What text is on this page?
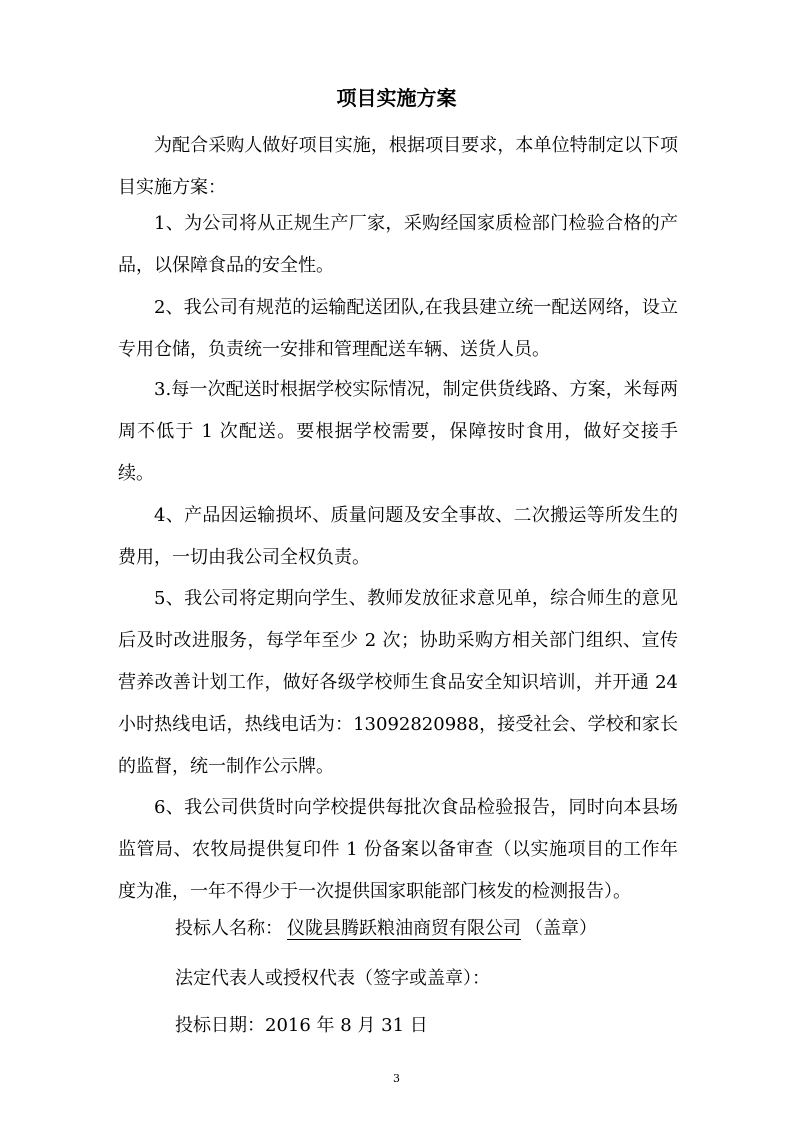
项目实施方案

为配合采购人做好项目实施，根据项目要求，本单位特制定以下项目实施方案：

1、为公司将从正规生产厂家，采购经国家质检部门检验合格的产品，以保障食品的安全性。

2、我公司有规范的运输配送团队,在我县建立统一配送网络，设立专用仓储，负责统一安排和管理配送车辆、送货人员。

3.每一次配送时根据学校实际情况，制定供货线路、方案，米每两周不低于 1 次配送。要根据学校需要，保障按时食用，做好交接手续。

4、产品因运输损坏、质量问题及安全事故、二次搬运等所发生的费用，一切由我公司全权负责。

5、我公司将定期向学生、教师发放征求意见单，综合师生的意见后及时改进服务，每学年至少 2 次；协助采购方相关部门组织、宣传营养改善计划工作，做好各级学校师生食品安全知识培训，并开通 24 小时热线电话，热线电话为：13092820988，接受社会、学校和家长的监督，统一制作公示牌。

6、我公司供货时向学校提供每批次食品检验报告，同时向本县场监管局、农牧局提供复印件 1 份备案以备审查（以实施项目的工作年度为准，一年不得少于一次提供国家职能部门核发的检测报告）。

投标人名称： 仪陇县腾跃粮油商贸有限公司 （盖章）

法定代表人或授权代表（签字或盖章）：

投标日期：2016 年 8 月 31 日

3
